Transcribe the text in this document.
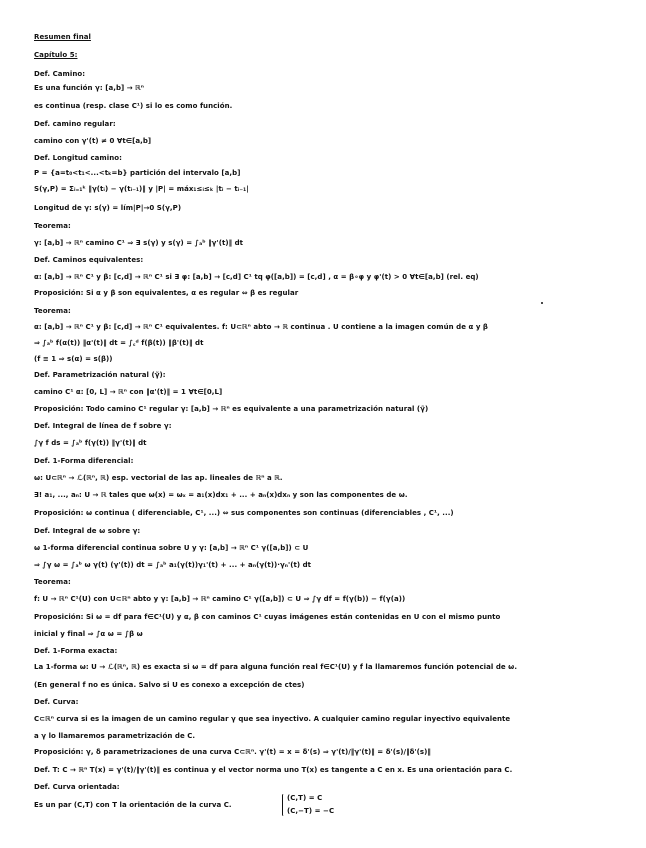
Resumen final
Capítulo 5:
Def. Camino:
Es una función γ: [a,b] → ℝⁿ
es continua (resp. clase C¹) si lo es como función.
Def. camino regular:
camino con γ'(t) ≠ 0 ∀t∈[a,b]
Def. Longitud camino:
P = {a=t₀<t₁<...<tₖ=b} partición del intervalo [a,b]
S(γ,P) = Σᵢ₌₁ᵏ ‖γ(tᵢ) − γ(tᵢ₋₁)‖ y |P| = máx₁≤ᵢ≤ₖ |tᵢ − tᵢ₋₁|
Longitud de γ: s(γ) = lím|P|→0 S(γ,P)
Teorema:
γ: [a,b] → ℝⁿ camino C¹ ⇒ ∃ s(γ) y s(γ) = ∫ₐᵇ ‖γ'(t)‖ dt
Def. Caminos equivalentes:
α: [a,b] → ℝⁿ C¹ y β: [c,d] → ℝⁿ C¹ si ∃ φ: [a,b] → [c,d] C¹ tq φ([a,b]) = [c,d] , α = β∘φ y φ'(t) > 0 ∀t∈[a,b] (rel. eq)
Proposición: Si α y β son equivalentes, α es regular ⇔ β es regular
Teorema:
α: [a,b] → ℝⁿ C¹ y β: [c,d] → ℝⁿ C¹ equivalentes. f: U⊂ℝⁿ abto → ℝ continua . U contiene a la imagen común de α y β
⇒ ∫ₐᵇ f(α(t)) ‖α'(t)‖ dt = ∫꜀ᵈ f(β(t)) ‖β'(t)‖ dt
(f ≡ 1 ⇒ s(α) = s(β))
Def. Parametrización natural (γ̃):
camino C¹ α: [0, L] → ℝⁿ con ‖α'(t)‖ = 1 ∀t∈[0,L]
Proposición: Todo camino C¹ regular γ: [a,b] → ℝⁿ es equivalente a una parametrización natural (γ̃)
Def. Integral de línea de f sobre γ:
∫γ f ds = ∫ₐᵇ f(γ(t)) ‖γ'(t)‖ dt
Def. 1-Forma diferencial:
ω: U⊂ℝⁿ → ℒ(ℝⁿ, ℝ) esp. vectorial de las ap. lineales de ℝⁿ a ℝ.
∃! a₁, ..., aₙ: U → ℝ tales que ω(x) = ωₓ = a₁(x)dx₁ + ... + aₙ(x)dxₙ y son las componentes de ω.
Proposición: ω continua ( diferenciable, C¹, ...) ⇔ sus componentes son continuas (diferenciables , C¹, ...)
Def. Integral de ω sobre γ:
ω 1-forma diferencial continua sobre U y γ: [a,b] → ℝⁿ C¹ γ([a,b]) ⊂ U
⇒ ∫γ ω = ∫ₐᵇ ω γ(t) (γ'(t)) dt = ∫ₐᵇ a₁(γ(t))γ₁'(t) + ... + aₙ(γ(t))·γₙ'(t) dt
Teorema:
f: U → ℝⁿ C¹(U) con U⊂ℝⁿ abto y γ: [a,b] → ℝⁿ camino C¹ γ([a,b]) ⊂ U ⇒ ∫γ df = f(γ(b)) − f(γ(a))
Proposición: Si ω = df para f∈C¹(U) y α, β con caminos C¹ cuyas imágenes están contenidas en U con el mismo punto
inicial y final ⇒ ∫α ω = ∫β ω
Def. 1-Forma exacta:
La 1-forma ω: U → ℒ(ℝⁿ, ℝ) es exacta si ω = df para alguna función real f∈C¹(U) y f la llamaremos función potencial de ω.
(En general f no es única. Salvo si U es conexo a excepción de ctes)
Def. Curva:
C⊂ℝⁿ curva si es la imagen de un camino regular γ que sea inyectivo. A cualquier camino regular inyectivo equivalente
a γ lo llamaremos parametrización de C.
Proposición: γ, δ parametrizaciones de una curva C⊂ℝⁿ. γ'(t) = x = δ'(s) ⇒ γ'(t)/‖γ'(t)‖ = δ'(s)/‖δ'(s)‖
Def. T: C → ℝⁿ T(x) = γ'(t)/‖γ'(t)‖ es continua y el vector norma uno T(x) es tangente a C en x. Es una orientación para C.
Def. Curva orientada:
Es un par (C,T) con T la orientación de la curva C.
(C,T) = C
(C,−T) = −C
